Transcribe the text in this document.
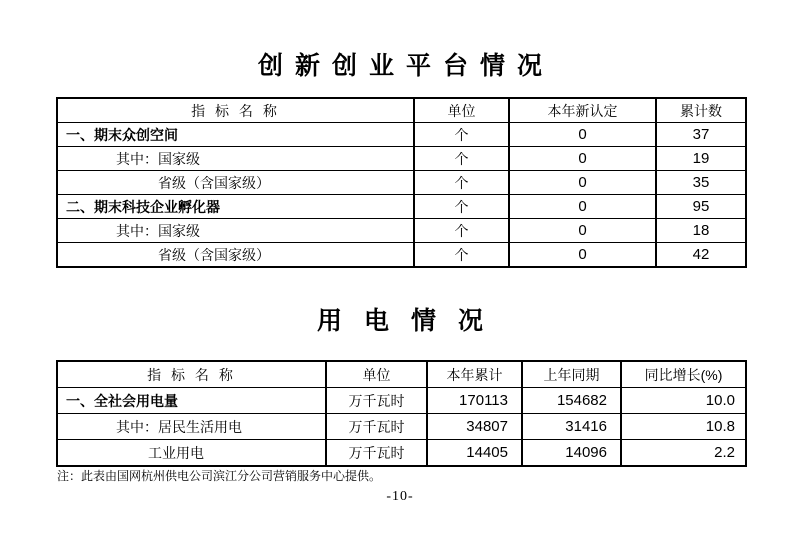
创新创业平台情况
指 标 名 称	单位	本年新认定	累计数
一、期末众创空间	个	0	37
其中：国家级	个	0	19
省级（含国家级）	个	0	35
二、期末科技企业孵化器	个	0	95
其中：国家级	个	0	18
省级（含国家级）	个	0	42
用电情况
指 标 名 称	单位	本年累计	上年同期	同比增长(%)
一、全社会用电量	万千瓦时	170113	154682	10.0
其中：居民生活用电	万千瓦时	34807	31416	10.8
工业用电	万千瓦时	14405	14096	2.2
注：此表由国网杭州供电公司滨江分公司营销服务中心提供。
-10-
